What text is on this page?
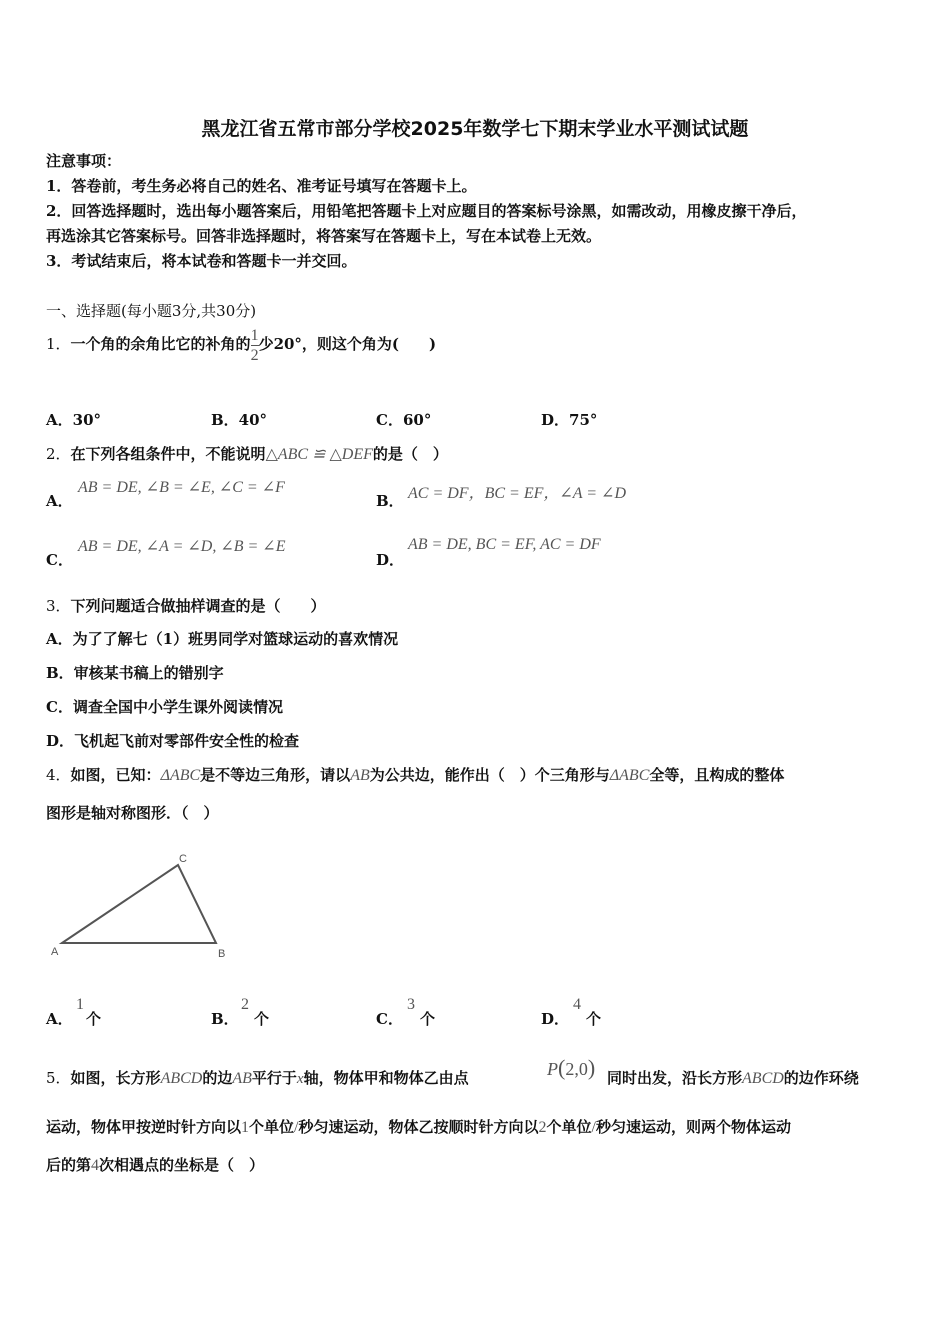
黑龙江省五常市部分学校2025年数学七下期末学业水平测试试题
注意事项：
1．答卷前，考生务必将自己的姓名、准考证号填写在答题卡上。
2．回答选择题时，选出每小题答案后，用铅笔把答题卡上对应题目的答案标号涂黑，如需改动，用橡皮擦干净后，
再选涂其它答案标号。回答非选择题时，将答案写在答题卡上，写在本试卷上无效。
3．考试结束后，将本试卷和答题卡一并交回。
一、选择题(每小题3分,共30分)
1．一个角的余角比它的补角的$\frac{1}{2}$少20°，则这个角为(　　)
A．30°	B．40°	C．60°	D．75°
2．在下列各组条件中，不能说明△ABC ≌ △DEF的是（　）
A．
AB = DE, ∠B = ∠E, ∠C = ∠F
B． AC = DF，BC = EF，∠A = ∠D
C．
AB = DE, ∠A = ∠D, ∠B = ∠E
D．
AB = DE, BC = EF, AC = DF
3．下列问题适合做抽样调查的是（　　）
A．为了了解七（1）班男同学对篮球运动的喜欢情况
B．审核某书稿上的错别字
C．调查全国中小学生课外阅读情况
D．飞机起飞前对零部件安全性的检查
4．如图，已知：ΔABC是不等边三角形，请以AB为公共边，能作出（　）个三角形与ΔABC全等，且构成的整体
图形是轴对称图形．（　）
A	B
C
A．
1
个	B．
2
个	C．
3
个	D．
4
个
5．如图，长方形ABCD的边AB平行于x轴，物体甲和物体乙由点	P(2,0) 同时出发，沿长方形ABCD的边作环绕
运动，物体甲按逆时针方向以1个单位/秒匀速运动，物体乙按顺时针方向以2个单位/秒匀速运动，则两个物体运动
后的第4次相遇点的坐标是（　）
